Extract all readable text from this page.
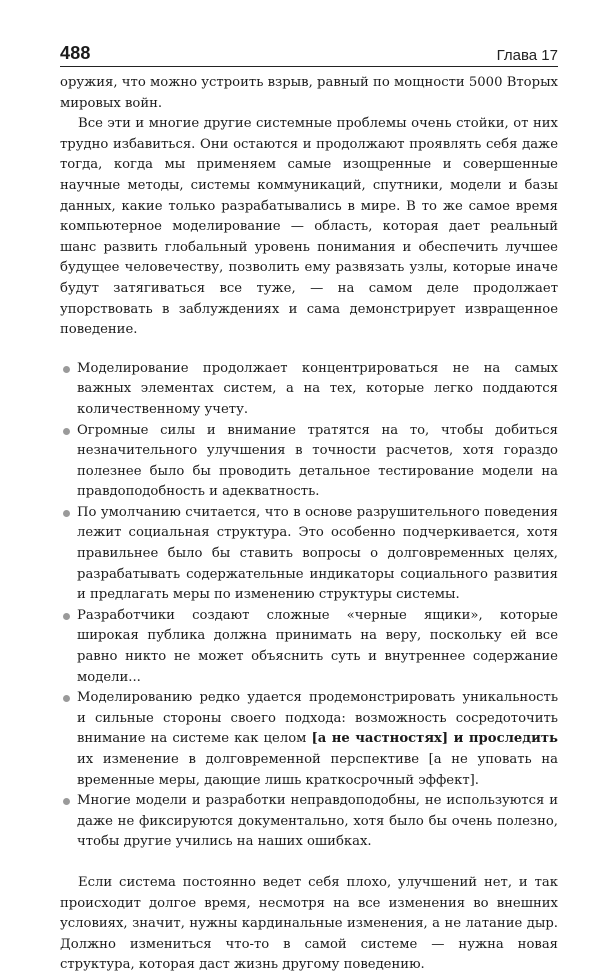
488	Глава 17

оружия, что можно устроить взрыв, равный по мощности 5000 Вторых мировых войн.

Все эти и многие другие системные проблемы очень стойки, от них трудно избавиться. Они остаются и продолжают проявлять себя даже тогда, когда мы применяем самые изощренные и совершенные научные методы, системы коммуникаций, спутники, модели и базы данных, какие только разрабатывались в мире. В то же самое время компьютерное моделирование — область, которая дает реальный шанс развить глобальный уровень понимания и обеспечить лучшее будущее человечеству, позволить ему развязать узлы, которые иначе будут затягиваться все туже, — на самом деле продолжает упорствовать в заблуждениях и сама демонстрирует извращенное поведение.

Моделирование продолжает концентрироваться не на самых важных элементах систем, а на тех, которые легко поддаются количественному учету.
Огромные силы и внимание тратятся на то, чтобы добиться незначительного улучшения в точности расчетов, хотя гораздо полезнее было бы проводить детальное тестирование модели на правдоподобность и адекватность.
По умолчанию считается, что в основе разрушительного поведения лежит социальная структура. Это особенно подчеркивается, хотя правильнее было бы ставить вопросы о долговременных целях, разрабатывать содержательные индикаторы социального развития и предлагать меры по изменению структуры системы.
Разработчики создают сложные «черные ящики», которые широкая публика должна принимать на веру, поскольку ей все равно никто не может объяснить суть и внутреннее содержание модели...
Моделированию редко удается продемонстрировать уникальность и сильные стороны своего подхода: возможность сосредоточить внимание на системе как целом [а не частностях] и проследить их изменение в долговременной перспективе [а не уповать на временные меры, дающие лишь краткосрочный эффект].
Многие модели и разработки неправдоподобны, не используются и даже не фиксируются документально, хотя было бы очень полезно, чтобы другие учились на наших ошибках.

Если система постоянно ведет себя плохо, улучшений нет, и так происходит долгое время, несмотря на все изменения во внешних условиях, значит, нужны кардинальные изменения, а не латание дыр. Должно измениться что-то в самой системе — нужна новая структура, которая даст жизнь другому поведению.
